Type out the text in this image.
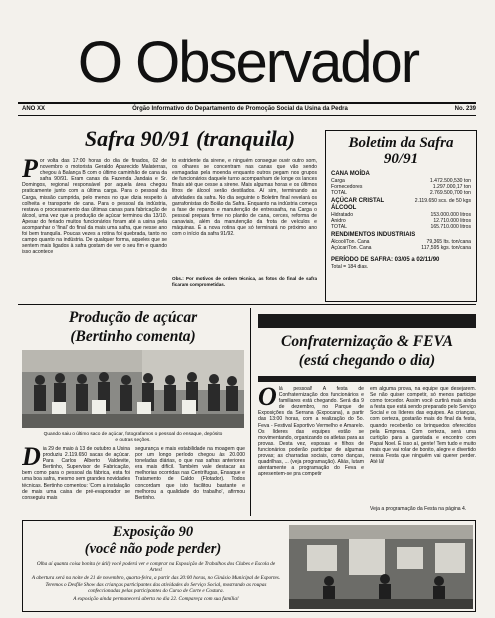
O Observador
ANO XX	Órgão Informativo do Departamento de Promoção Social da Usina da Pedra	No. 239
Safra 90/91 (tranquila)
P or volta das 17:00 horas do dia de finados, 02 de novembro o motorista Geraldo Aparecido Malaterras, chegou à Balança B com o último caminhão de cana da safra 90/91. Eram canas da Fazenda Jandaia e Sr. Domingos, regional responsável por aquela área chegou praticamente junto com a última carga. Para o pessoal da Carga, missão cumprida, pelo menos no que dizia respeito à colheita e transporte de cana. Para o pessoal da indústria, restava o processamento das últimas canas para fabricação de álcool, uma vez que a produção de açúcar terminou dia 13/10. Apesar do feriado muitos funcionários foram até a usina pela acompanhar o 'final' do final da mais uma safra, que nesse ano foi bem tranquila. Poucas vezes a rotina foi quebrada, tanto no campo quanto na indústria. De qualquer forma, aqueles que se sentem mais ligados à safra gostam de ver o seu fim e quando isso acontece
to estridente da sirene, e ninguém consegue ouvir outro som, os olhares se concentram nas canas que vão sendo esmagadas pela moenda enquanto outros pegam nos grupos de funcionários daquele turno acompanham de longe os lances finais até que cesse a sirene. Mais algumas horas e os últimos litros de álcool serão destilados. Aí sim, terminando as atividades da safra. No dia seguinte o Boletim final revelará os garrafonistas do Boião da Safra. Enquanto na indústria começa a fase de reparos e manutenção de entressafra, na Carga o pessoal prepara firme no plantio de cana, cerces, reforma de canaviais, além da manutenção da frota de veículos e máquinas. É a nova rotina que só terminará no próximo ano com o início da safra 91/92.
Obs.: Por motivos de ordem técnica, as fotos do final de safra ficaram comprometidas.
Boletim da Safra 90/91
CANA MOÍDA
Carga	1.472.500,530 ton
Fornecedores	1.297.000,17 ton
TOTAL	2.769.500,700 ton
AÇÚCAR CRISTAL	2.119.650 scs. de 50 kgs
ÁLCOOL
Hidratado	153.000.000 litros
Anidro	12.710.000 litros
TOTAL	165.710.000 litros
RENDIMENTOS INDUSTRIAIS
Álcool/Ton. Cana	79,365 lts. ton/cana
Açúcar/Ton. Cana	117,595 kgs. ton/cana
PERÍODO DE SAFRA: 03/05 a 02/11/90
Total = 184 dias.
Produção de açúcar
(Bertinho comenta)
Quando saiu o último saco de açúcar, fotografamos o pessoal do ensaque, depósito e outras seções.
D ia 29 de maio à 13 de outubro a Usina produziu 2.119.650 sacas de açúcar. Para Carlos Alberto Valdevite, Bertinho, Supervisor de Fabricação, bem como para o pessoal da fábrica, esta foi uma boa safra, mesmo sem grandes novidades técnicas. Bertinho comentou: 'Com a instalação de mais uma caixa de pré-evaporador se conseguiu mais
segurança e mais estabilidade na moagem que por um longo período chegou às 20.000 toneladas diárias, o que nas safras anteriores era mais difícil. Também vale destacar as melhorias ocorridas nas Centrífugas, Ensaque e Tratamento de Caldo (Flotador). Todos concordam que isto facilitou bastante e melhorou a qualidade do trabalho', afirmou Bertinho.
Confraternização & FEVA
(está chegando o dia)
O lá pessoal! A festa de Confraternização dos funcionários e familiares está chegando. Será dia 9 de dezembro, no Parque de Exposições da Serrana (Expocana), a partir das 13:00 horas, com a realização do 5o. Feva - Festival Esportivo Vermelho e Amarelo. Os líderes das equipes estão se movimentando, organizando os atletas para as provas. Desta vez, esposas e filhos de funcionários poderão participar de algumas provas; as charradas sociais, como danças, quadrilhas, ... (veja programação). Aliás, lutam atentamente a programação do Feva e apresentem-se pra competir
em alguma prova, na equipe que desejarem. Se não quiser competir, só menos participe como torcedor. Assim você curtirá mais ainda a festa que está sendo preparado pelo Serviço Social e os líderes das equipes. As crianças, com certeza, gostarão mais do final da festa, quando receberão os brinquedos oferecidos pela Empresa. Com certeza, será uma curtição para a garotada e encontro com Papai Noel. É isso aí, gente! Tem tudo e muito mais que vai rolar de bonito, alegre e divertido nessa Festa que ninguém vai querer perder. Até lá!
Veja a programação da Festa na página 4.
Exposição 90
(você não pode perder)
Olha aí quanta coisa bonita (e útil) você poderá ver e comprar na Exposição de Trabalhos dos Clubes e Escola de Artes!
A abertura será na noite de 21 de novembro, quarta-feira, a partir das 20:00 horas, no Ginásio Municipal de Esportes. Teremos o Desfile Show das crianças participantes das atividades do Serviço Social, mostrando as roupas confeccionadas pelas participantes do Curso de Corte e Costura.
A exposição ainda permanecerá aberta no dia 22. Compareça com sua família!
